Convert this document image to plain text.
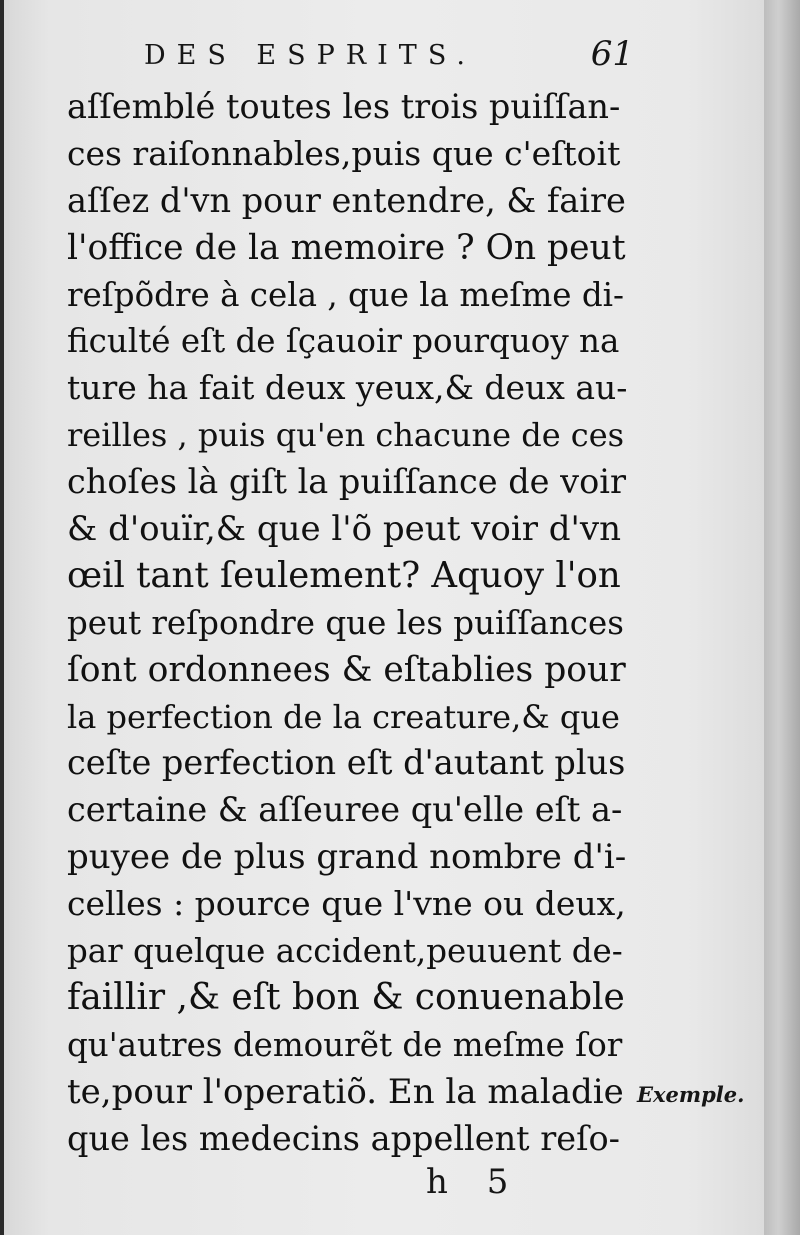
DES ESPRITS.	61
aſſemblé toutes les trois puiſſan-
ces raiſonnables,puis que c'eſtoit
aſſez d'vn pour entendre, & faire
l'office de la memoire ? On peut
reſpõdre à cela , que la meſme di-
ficulté eſt de ſçauoir pourquoy na
ture ha fait deux yeux,& deux au-
reilles , puis qu'en chacune de ces
choſes là giſt la puiſſance de voir
& d'ouïr,& que l'õ peut voir d'vn
œil tant ſeulement? Aquoy l'on
peut reſpondre que les puiſſances
ſont ordonnees & eſtablies pour
la perfection de la creature,& que
ceſte perfection eſt d'autant plus
certaine & aſſeuree qu'elle eſt a-
puyee de plus grand nombre d'i-
celles : pource que l'vne ou deux,
par quelque accident,peuuent de-
faillir ,& eſt bon & conuenable
qu'autres demourẽt de meſme ſor
te,pour l'operatiõ. En la maladie
que les medecins appellent reſo-
Exemple.
h 5
